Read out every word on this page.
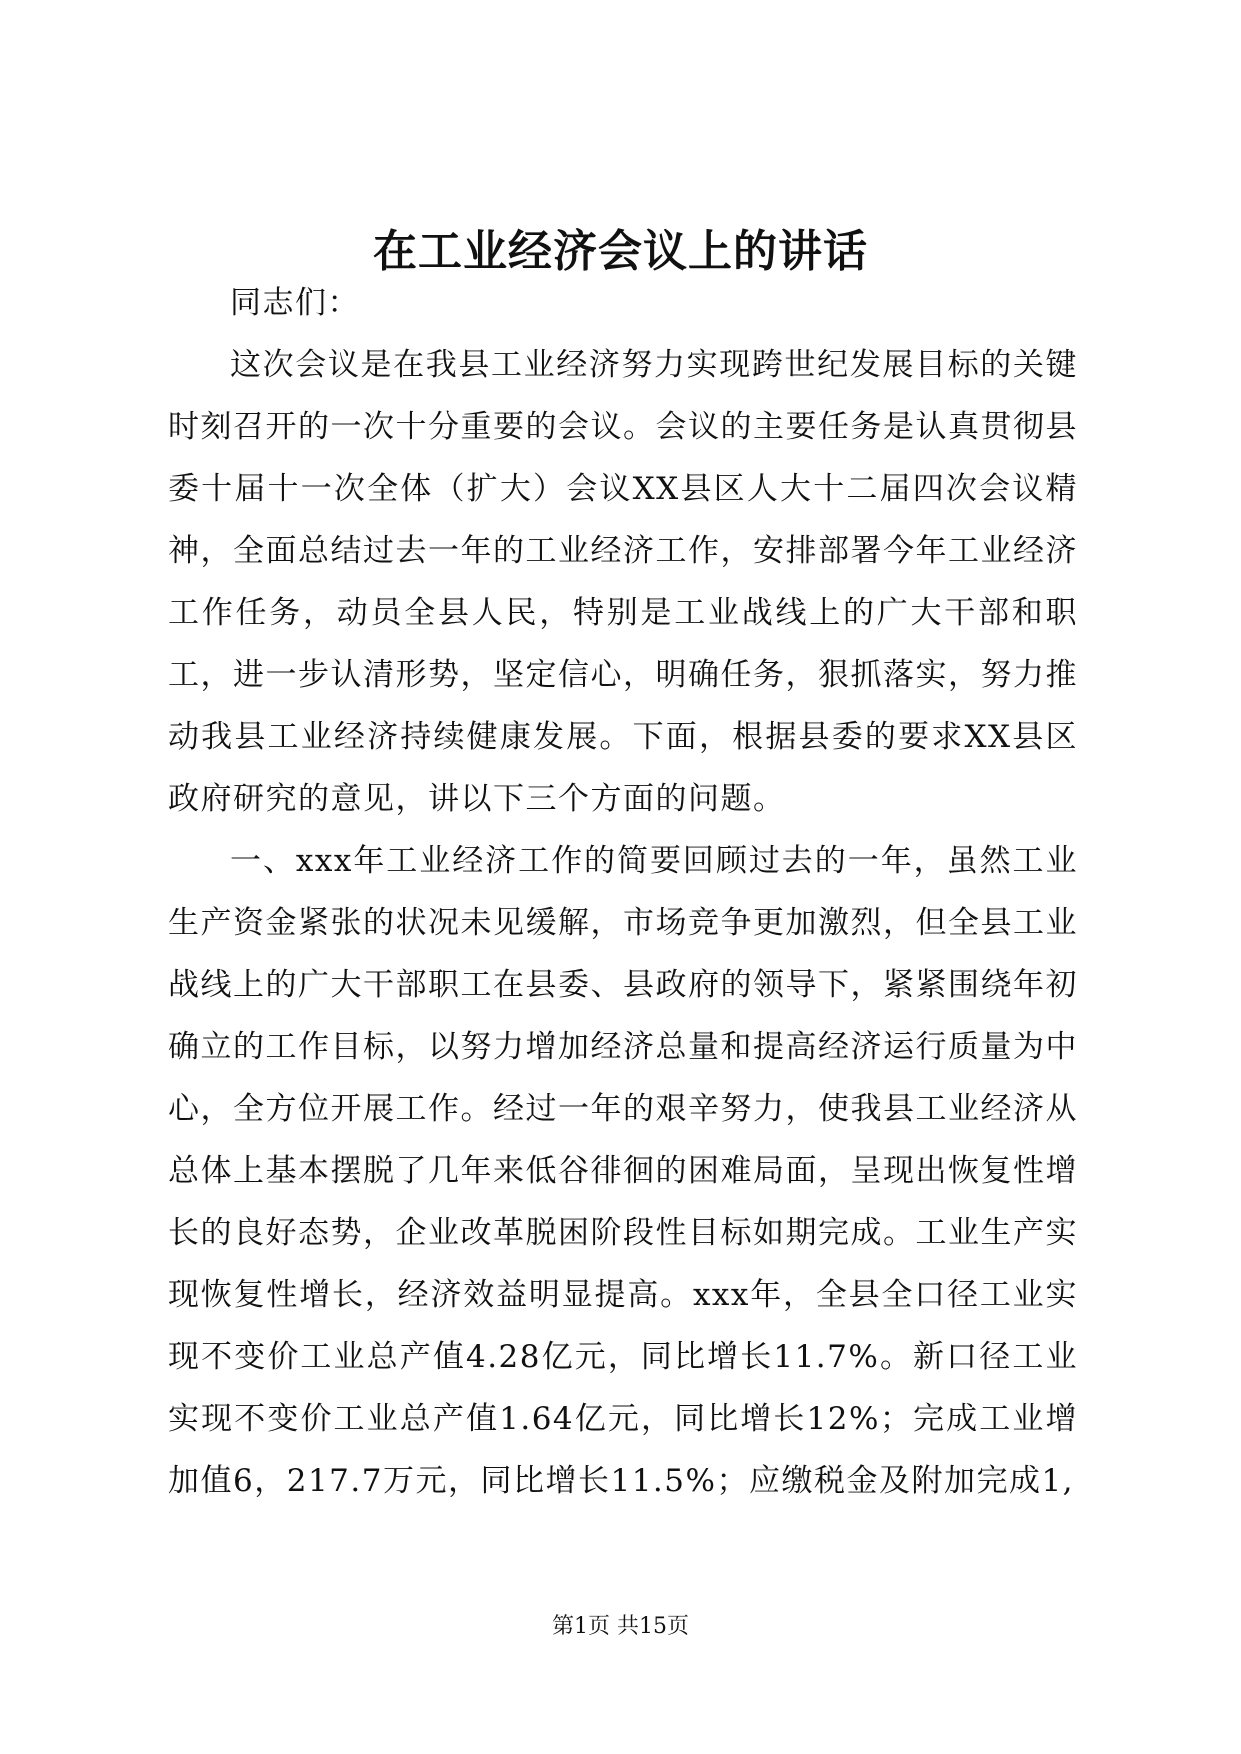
在工业经济会议上的讲话

同志们：

这次会议是在我县工业经济努力实现跨世纪发展目标的关键时刻召开的一次十分重要的会议。会议的主要任务是认真贯彻县委十届十一次全体（扩大）会议XX县区人大十二届四次会议精神，全面总结过去一年的工业经济工作，安排部署今年工业经济工作任务，动员全县人民，特别是工业战线上的广大干部和职工，进一步认清形势，坚定信心，明确任务，狠抓落实，努力推动我县工业经济持续健康发展。下面，根据县委的要求XX县区政府研究的意见，讲以下三个方面的问题。

一、xxx年工业经济工作的简要回顾过去的一年，虽然工业生产资金紧张的状况未见缓解，市场竞争更加激烈，但全县工业战线上的广大干部职工在县委、县政府的领导下，紧紧围绕年初确立的工作目标，以努力增加经济总量和提高经济运行质量为中心，全方位开展工作。经过一年的艰辛努力，使我县工业经济从总体上基本摆脱了几年来低谷徘徊的困难局面，呈现出恢复性增长的良好态势，企业改革脱困阶段性目标如期完成。工业生产实现恢复性增长，经济效益明显提高。xxx年，全县全口径工业实现不变价工业总产值4.28亿元，同比增长11.7%。新口径工业实现不变价工业总产值1.64亿元，同比增长12%；完成工业增加值6，217.7万元，同比增长11.5%；应缴税金及附加完成1,

第1页 共15页
